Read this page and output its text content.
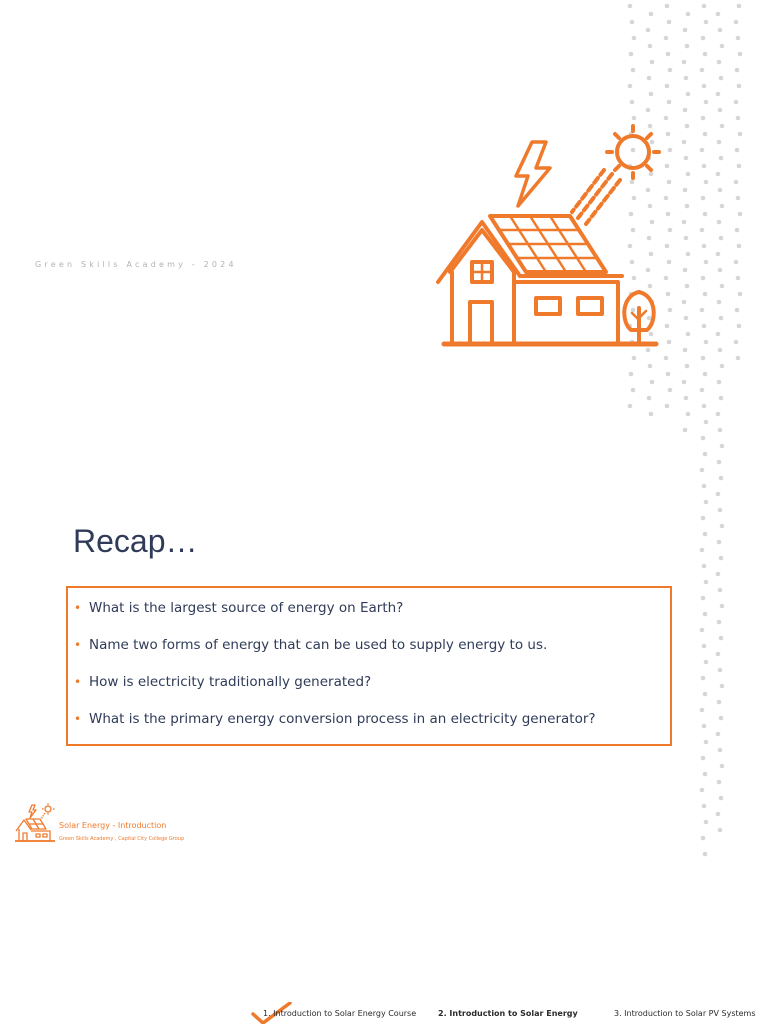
Green Skills Academy - 2024
Recap…
• What is the largest source of energy on Earth?
• Name two forms of energy that can be used to supply energy to us.
• How is electricity traditionally generated?
• What is the primary energy conversion process in an electricity generator?
Solar Energy - Introduction
Green Skills Academy , Capital City College Group
1. Introduction to Solar Energy Course	2. Introduction to Solar Energy	3. Introduction to Solar PV Systems
